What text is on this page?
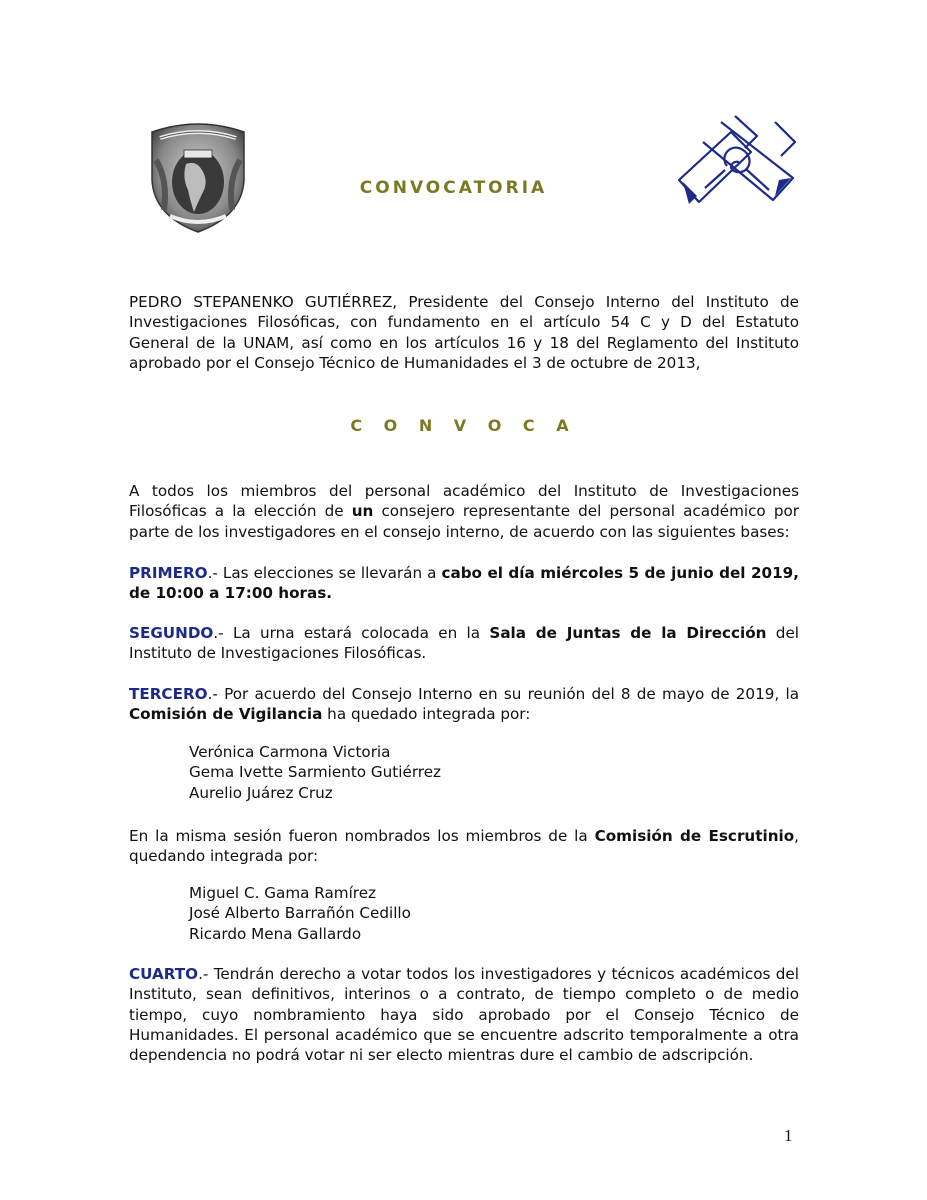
CONVOCATORIA

PEDRO STEPANENKO GUTIÉRREZ, Presidente del Consejo Interno del Instituto de Investigaciones Filosóficas, con fundamento en el artículo 54 C y D del Estatuto General de la UNAM, así como en los artículos 16 y 18 del Reglamento del Instituto aprobado por el Consejo Técnico de Humanidades el 3 de octubre de 2013,

C O N V O C A

A todos los miembros del personal académico del Instituto de Investigaciones Filosóficas a la elección de un consejero representante del personal académico por parte de los investigadores en el consejo interno, de acuerdo con las siguientes bases:

PRIMERO.- Las elecciones se llevarán a cabo el día miércoles 5 de junio del 2019, de 10:00 a 17:00 horas.

SEGUNDO.- La urna estará colocada en la Sala de Juntas de la Dirección del Instituto de Investigaciones Filosóficas.

TERCERO.- Por acuerdo del Consejo Interno en su reunión del 8 de mayo de 2019, la Comisión de Vigilancia ha quedado integrada por:

Verónica Carmona Victoria
Gema Ivette Sarmiento Gutiérrez
Aurelio Juárez Cruz

En la misma sesión fueron nombrados los miembros de la Comisión de Escrutinio, quedando integrada por:

Miguel C. Gama Ramírez
José Alberto Barrañón Cedillo
Ricardo Mena Gallardo

CUARTO.- Tendrán derecho a votar todos los investigadores y técnicos académicos del Instituto, sean definitivos, interinos o a contrato, de tiempo completo o de medio tiempo, cuyo nombramiento haya sido aprobado por el Consejo Técnico de Humanidades. El personal académico que se encuentre adscrito temporalmente a otra dependencia no podrá votar ni ser electo mientras dure el cambio de adscripción.

1
